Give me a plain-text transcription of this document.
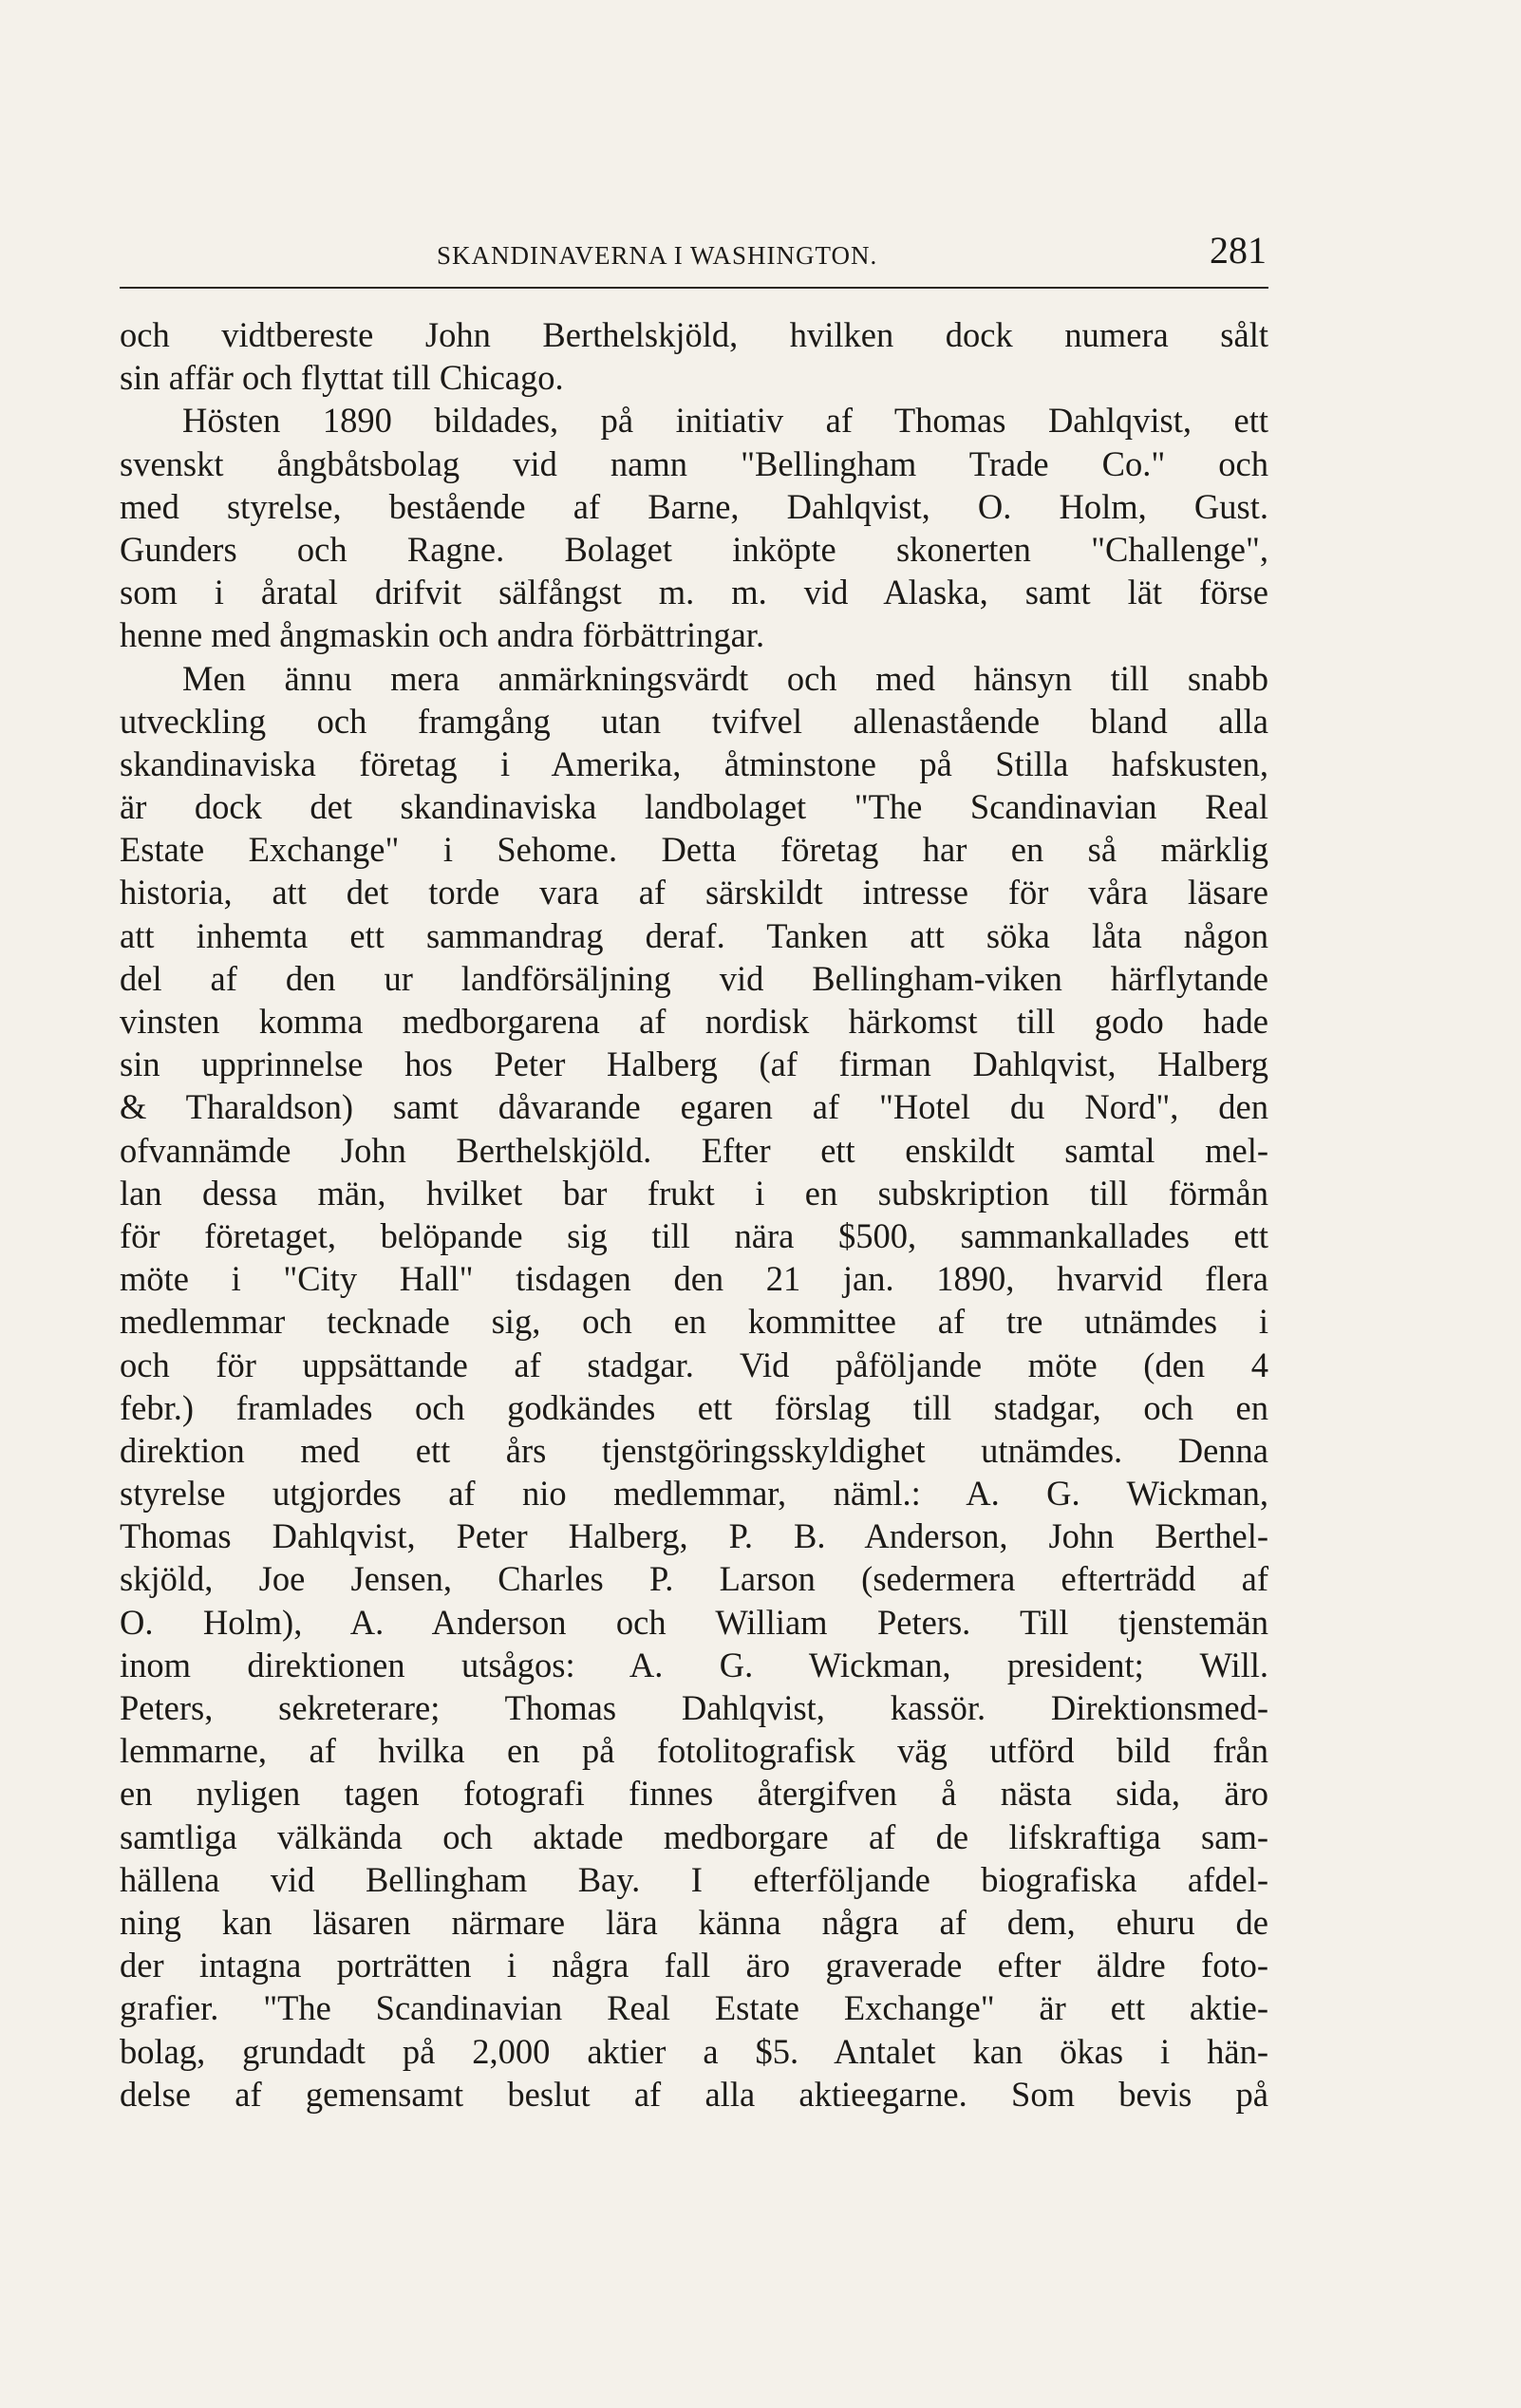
SKANDINAVERNA I WASHINGTON.	281
och vidtbereste John Berthelskjöld, hvilken dock numera sålt
sin affär och flyttat till Chicago.
Hösten 1890 bildades, på initiativ af Thomas Dahlqvist, ett
svenskt ångbåtsbolag vid namn "Bellingham Trade Co." och
med styrelse, bestående af Barne, Dahlqvist, O. Holm, Gust.
Gunders och Ragne. Bolaget inköpte skonerten "Challenge",
som i åratal drifvit sälfångst m. m. vid Alaska, samt lät förse
henne med ångmaskin och andra förbättringar.
Men ännu mera anmärkningsvärdt och med hänsyn till snabb
utveckling och framgång utan tvifvel allenastående bland alla
skandinaviska företag i Amerika, åtminstone på Stilla hafskusten,
är dock det skandinaviska landbolaget "The Scandinavian Real
Estate Exchange" i Sehome. Detta företag har en så märklig
historia, att det torde vara af särskildt intresse för våra läsare
att inhemta ett sammandrag deraf. Tanken att söka låta någon
del af den ur landförsäljning vid Bellingham-viken härflytande
vinsten komma medborgarena af nordisk härkomst till godo hade
sin upprinnelse hos Peter Halberg (af firman Dahlqvist, Halberg
& Tharaldson) samt dåvarande egaren af "Hotel du Nord", den
ofvannämde John Berthelskjöld. Efter ett enskildt samtal mel-
lan dessa män, hvilket bar frukt i en subskription till förmån
för företaget, belöpande sig till nära $500, sammankallades ett
möte i "City Hall" tisdagen den 21 jan. 1890, hvarvid flera
medlemmar tecknade sig, och en kommittee af tre utnämdes i
och för uppsättande af stadgar. Vid påföljande möte (den 4
febr.) framlades och godkändes ett förslag till stadgar, och en
direktion med ett års tjenstgöringsskyldighet utnämdes. Denna
styrelse utgjordes af nio medlemmar, näml.: A. G. Wickman,
Thomas Dahlqvist, Peter Halberg, P. B. Anderson, John Berthel-
skjöld, Joe Jensen, Charles P. Larson (sedermera efterträdd af
O. Holm), A. Anderson och William Peters. Till tjenstemän
inom direktionen utsågos: A. G. Wickman, president; Will.
Peters, sekreterare; Thomas Dahlqvist, kassör. Direktionsmed-
lemmarne, af hvilka en på fotolitografisk väg utförd bild från
en nyligen tagen fotografi finnes återgifven å nästa sida, äro
samtliga välkända och aktade medborgare af de lifskraftiga sam-
hällena vid Bellingham Bay. I efterföljande biografiska afdel-
ning kan läsaren närmare lära känna några af dem, ehuru de
der intagna porträtten i några fall äro graverade efter äldre foto-
grafier. "The Scandinavian Real Estate Exchange" är ett aktie-
bolag, grundadt på 2,000 aktier a $5. Antalet kan ökas i hän-
delse af gemensamt beslut af alla aktieegarne. Som bevis på
